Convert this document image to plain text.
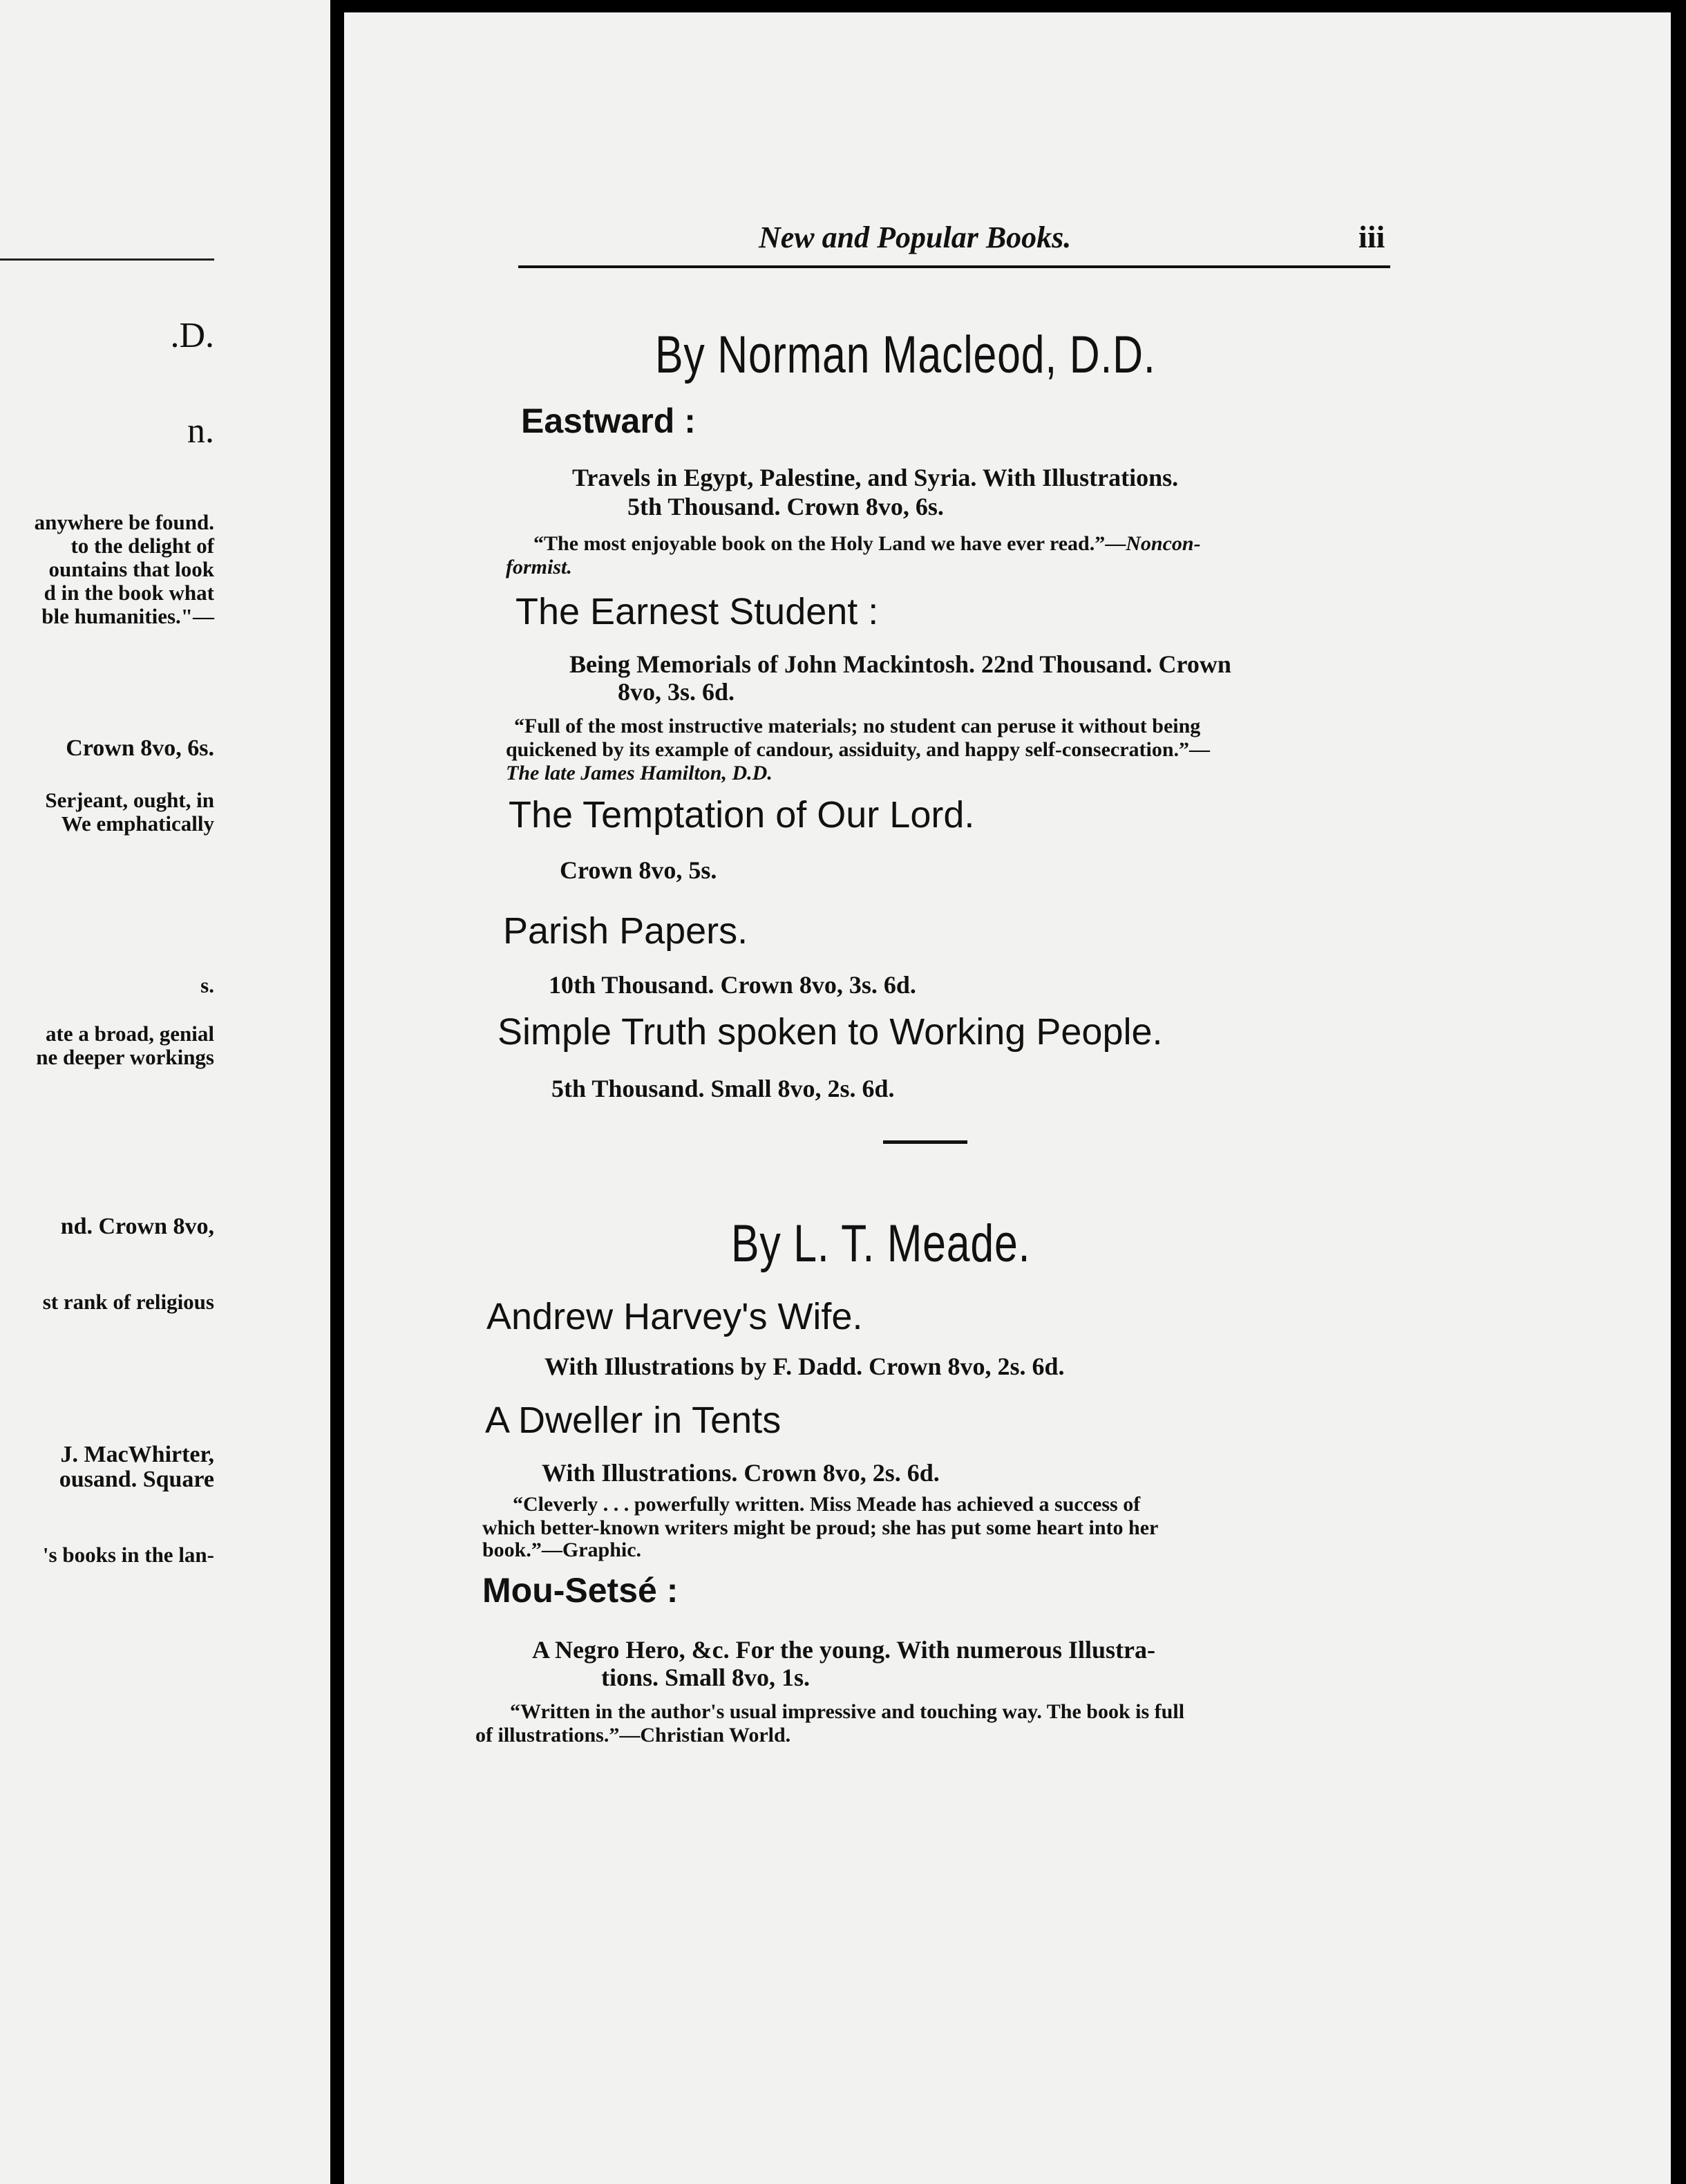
.D.
n.
anywhere be found.
to the delight of
ountains that look
d in the book what
ble humanities."—
Crown 8vo, 6s.
Serjeant, ought, in
We emphatically
s.
ate a broad, genial
ne deeper workings
nd. Crown 8vo,
st rank of religious
J. MacWhirter,
ousand. Square
's books in the lan-
New and Popular Books.	iii
By Norman Macleod, D.D.
Eastward :
Travels in Egypt, Palestine, and Syria. With Illustrations.
5th Thousand. Crown 8vo, 6s.
“The most enjoyable book on the Holy Land we have ever read.”—Noncon-
formist.
The Earnest Student :
Being Memorials of John Mackintosh. 22nd Thousand. Crown
8vo, 3s. 6d.
“Full of the most instructive materials; no student can peruse it without being
quickened by its example of candour, assiduity, and happy self-consecration.”—
The late James Hamilton, D.D.
The Temptation of Our Lord.
Crown 8vo, 5s.
Parish Papers.
10th Thousand. Crown 8vo, 3s. 6d.
Simple Truth spoken to Working People.
5th Thousand. Small 8vo, 2s. 6d.
By L. T. Meade.
Andrew Harvey's Wife.
With Illustrations by F. Dadd. Crown 8vo, 2s. 6d.
A Dweller in Tents
With Illustrations. Crown 8vo, 2s. 6d.
“Cleverly . . . powerfully written. Miss Meade has achieved a success of
which better-known writers might be proud; she has put some heart into her
book.”—Graphic.
Mou-Setsé :
A Negro Hero, &c. For the young. With numerous Illustra-
tions. Small 8vo, 1s.
“Written in the author's usual impressive and touching way. The book is full
of illustrations.”—Christian World.
